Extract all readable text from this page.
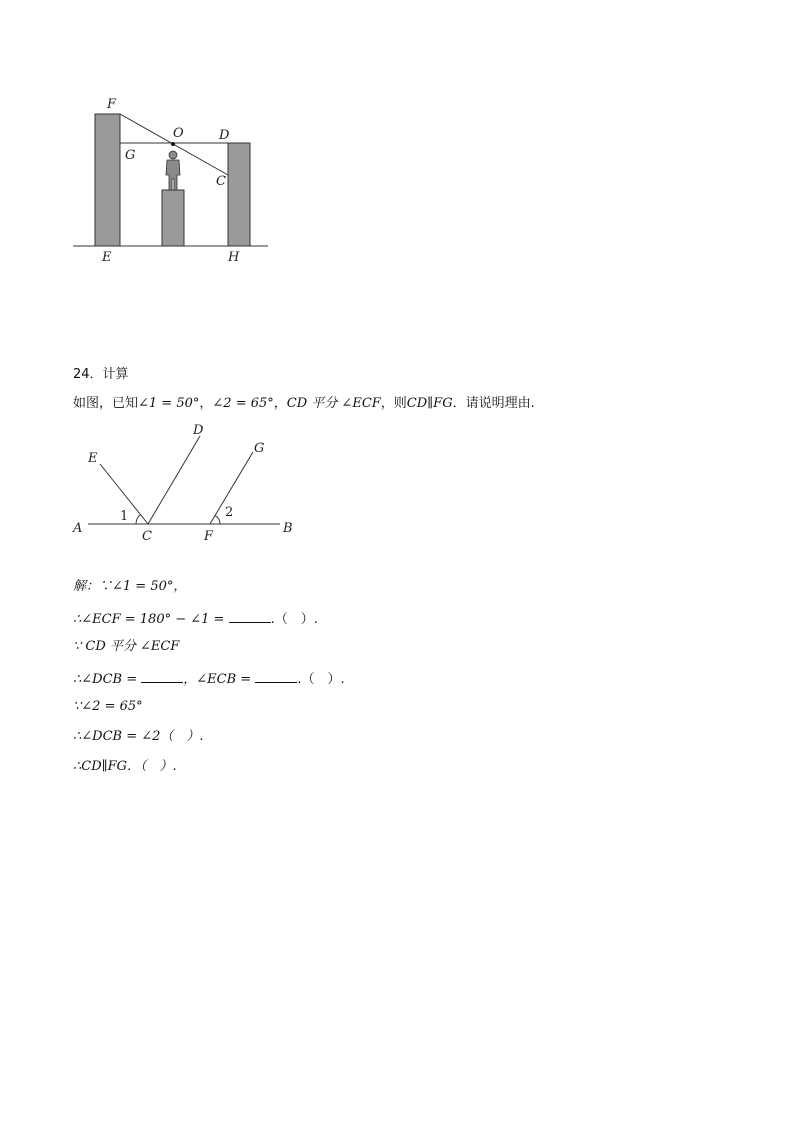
F
O	D
G
C
E	H
24．计算
如图，已知∠1 = 50°，∠2 = 65°，CD 平分 ∠ECF，则CD∥FG．请说明理由.
A	B
C	F
E
D
G
1	2
解：∵∠1 = 50°，
∴∠ECF = 180° − ∠1 =	.（　）.
∵ CD 平分 ∠ECF
∴∠DCB =	，∠ECB =	.（　）.
∵∠2 = 65°
∴∠DCB = ∠2（　）.
∴CD∥FG．（　）.
